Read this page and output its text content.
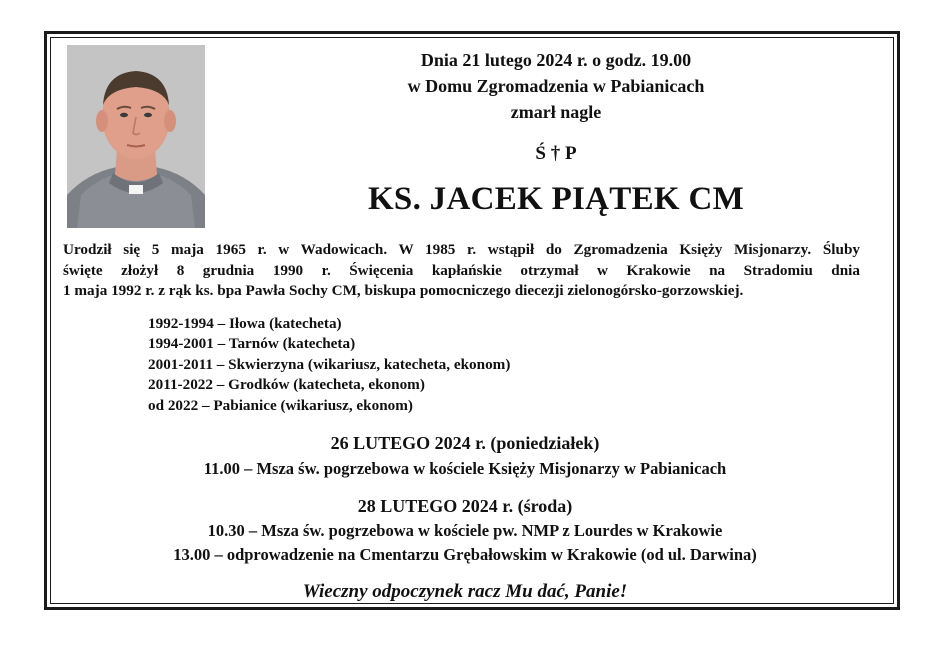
Dnia 21 lutego 2024 r. o godz. 19.00
w Domu Zgromadzenia w Pabianicach
zmarł nagle
Ś † P
KS. JACEK PIĄTEK CM
Urodził się 5 maja 1965 r. w Wadowicach. W 1985 r. wstąpił do Zgromadzenia Księży Misjonarzy. Śluby
święte złożył 8 grudnia 1990 r. Święcenia kapłańskie otrzymał w Krakowie na Stradomiu dnia
1 maja 1992 r. z rąk ks. bpa Pawła Sochy CM, biskupa pomocniczego diecezji zielonogórsko-gorzowskiej.
1992-1994 – Iłowa (katecheta)
1994-2001 – Tarnów (katecheta)
2001-2011 – Skwierzyna (wikariusz, katecheta, ekonom)
2011-2022 – Grodków (katecheta, ekonom)
od 2022 – Pabianice (wikariusz, ekonom)
26 LUTEGO 2024 r. (poniedziałek)
11.00 – Msza św. pogrzebowa w kościele Księży Misjonarzy w Pabianicach
28 LUTEGO 2024 r. (środa)
10.30 – Msza św. pogrzebowa w kościele pw. NMP z Lourdes w Krakowie
13.00 – odprowadzenie na Cmentarzu Grębałowskim w Krakowie (od ul. Darwina)
Wieczny odpoczynek racz Mu dać, Panie!
